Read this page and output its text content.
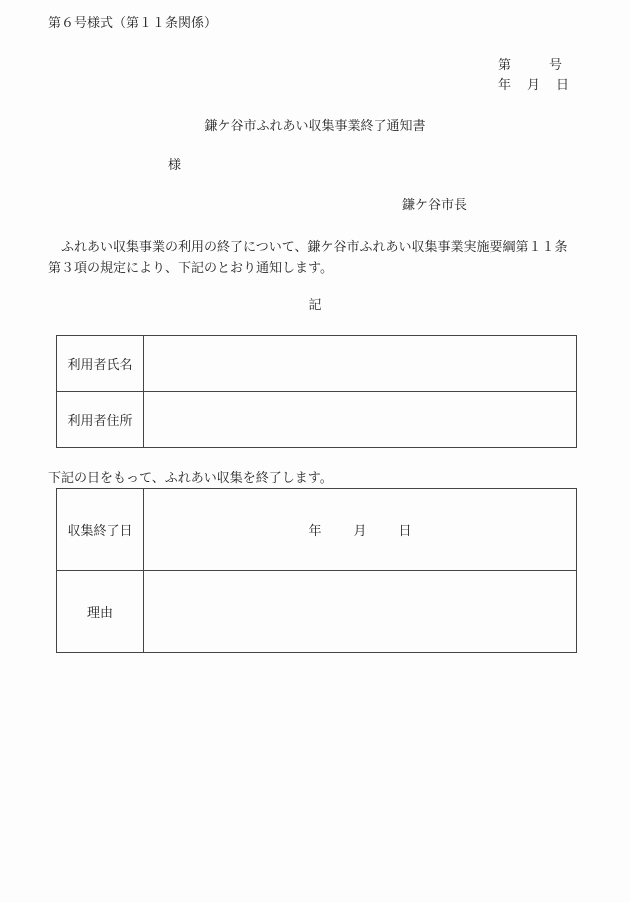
第６号様式（第１１条関係）
第	号
年 月 日
鎌ケ谷市ふれあい収集事業終了通知書
様
鎌ケ谷市長
ふれあい収集事業の利用の終了について、鎌ケ谷市ふれあい収集事業実施要綱第１１条第３項の規定により、下記のとおり通知します。
記
利用者氏名	
利用者住所	
下記の日をもって、ふれあい収集を終了します。
収集終了日	年 月 日
理由	
